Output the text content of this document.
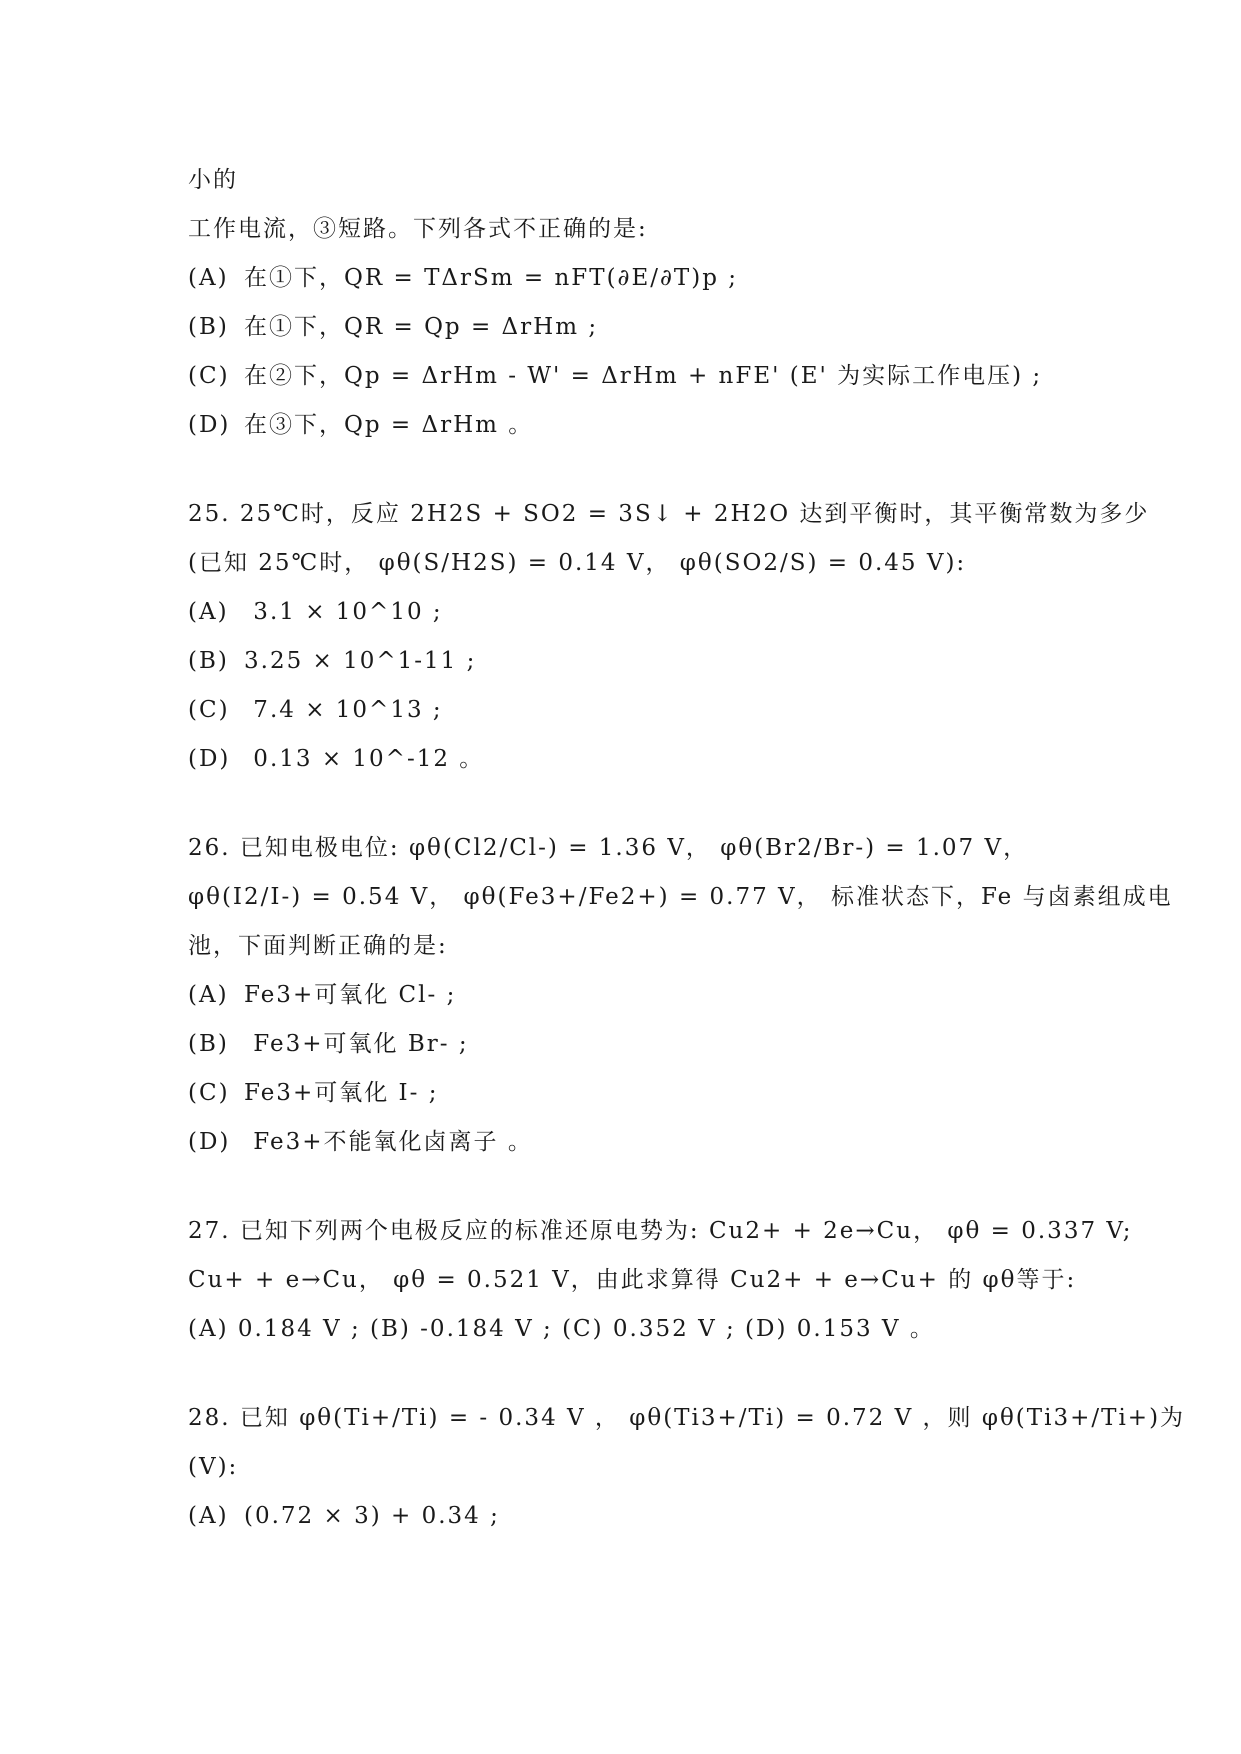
小的
工作电流，③短路。下列各式不正确的是:
(A) 在①下，QR = TΔrSm = nFT(∂E/∂T)p ;
(B) 在①下，QR = Qp = ΔrHm ;
(C) 在②下，Qp = ΔrHm - W' = ΔrHm + nFE' (E' 为实际工作电压) ;
(D) 在③下，Qp = ΔrHm 。
25. 25℃时，反应 2H2S + SO2 = 3S↓ + 2H2O 达到平衡时，其平衡常数为多少
(已知 25℃时， φθ(S/H2S) = 0.14 V， φθ(SO2/S) = 0.45 V):
(A) 3.1 × 10^10 ;
(B) 3.25 × 10^1-11 ;
(C) 7.4 × 10^13 ;
(D) 0.13 × 10^-12 。
26. 已知电极电位: φθ(Cl2/Cl-) = 1.36 V， φθ(Br2/Br-) = 1.07 V，
φθ(I2/I-) = 0.54 V， φθ(Fe3+/Fe2+) = 0.77 V， 标准状态下，Fe 与卤素组成电
池，下面判断正确的是:
(A) Fe3+可氧化 Cl- ;
(B) Fe3+可氧化 Br- ;
(C) Fe3+可氧化 I- ;
(D) Fe3+不能氧化卤离子 。
27. 已知下列两个电极反应的标准还原电势为: Cu2+ + 2e→Cu， φθ = 0.337 V;
Cu+ + e→Cu， φθ = 0.521 V，由此求算得 Cu2+ + e→Cu+ 的 φθ等于:
(A) 0.184 V ; (B) -0.184 V ; (C) 0.352 V ; (D) 0.153 V 。
28. 已知 φθ(Ti+/Ti) = - 0.34 V ， φθ(Ti3+/Ti) = 0.72 V ，则 φθ(Ti3+/Ti+)为
(V):
(A) (0.72 × 3) + 0.34 ;
